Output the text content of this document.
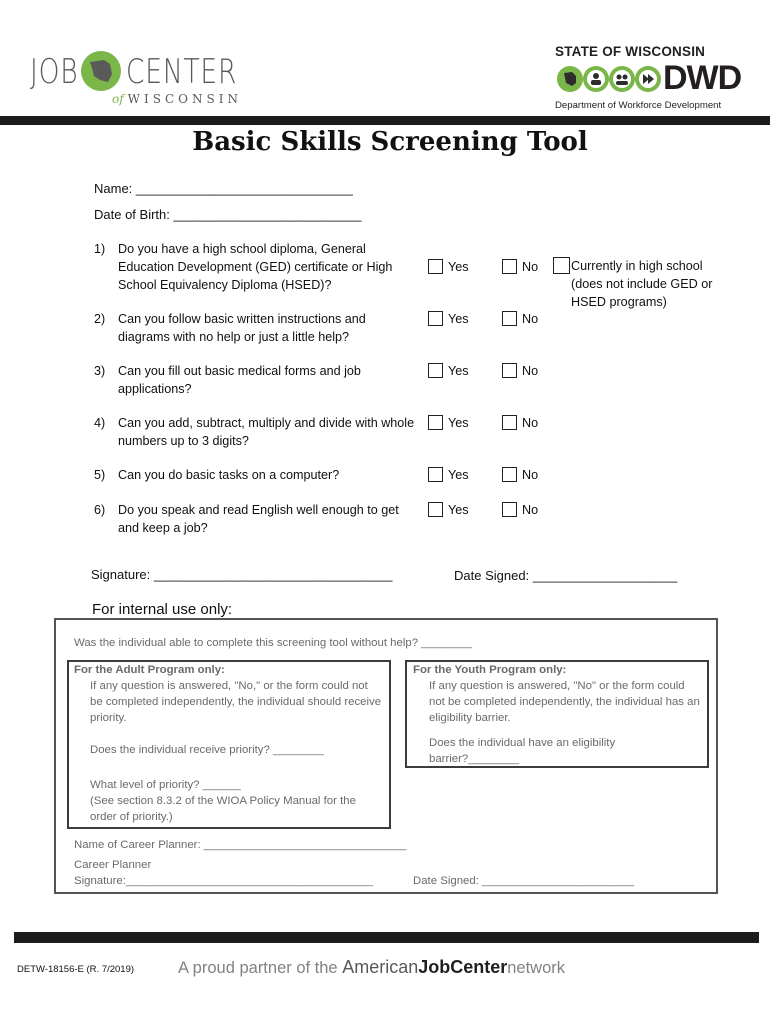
JOB CENTER
of WISCONSIN
STATE OF WISCONSIN
DWD
Department of Workforce Development
Basic Skills Screening Tool
Name: ______________________________
Date of Birth: __________________________
1) Do you have a high school diploma, General Education Development (GED) certificate or High School Equivalency Diploma (HSED)?
Yes	No	Currently in high school (does not include GED or HSED programs)
2) Can you follow basic written instructions and diagrams with no help or just a little help?
Yes	No
3) Can you fill out basic medical forms and job applications?
Yes	No
4) Can you add, subtract, multiply and divide with whole numbers up to 3 digits?
Yes	No
5) Can you do basic tasks on a computer?	Yes	No
6) Do you speak and read English well enough to get and keep a job?
Yes	No
Signature: _________________________________	Date Signed: ____________________
For internal use only:
Was the individual able to complete this screening tool without help? ________
For the Adult Program only:
If any question is answered, "No," or the form could not be completed independently, the individual should receive priority.
Does the individual receive priority? ________
What level of priority? ______
(See section 8.3.2 of the WIOA Policy Manual for the order of priority.)
For the Youth Program only:
If any question is answered, "No" or the form could not be completed independently, the individual has an eligibility barrier.
Does the individual have an eligibility barrier?________
Name of Career Planner: ________________________________
Career Planner
Signature:_______________________________________	Date Signed: ________________________
DETW-18156-E (R. 7/2019)	A proud partner of the AmericanJobCenternetwork
